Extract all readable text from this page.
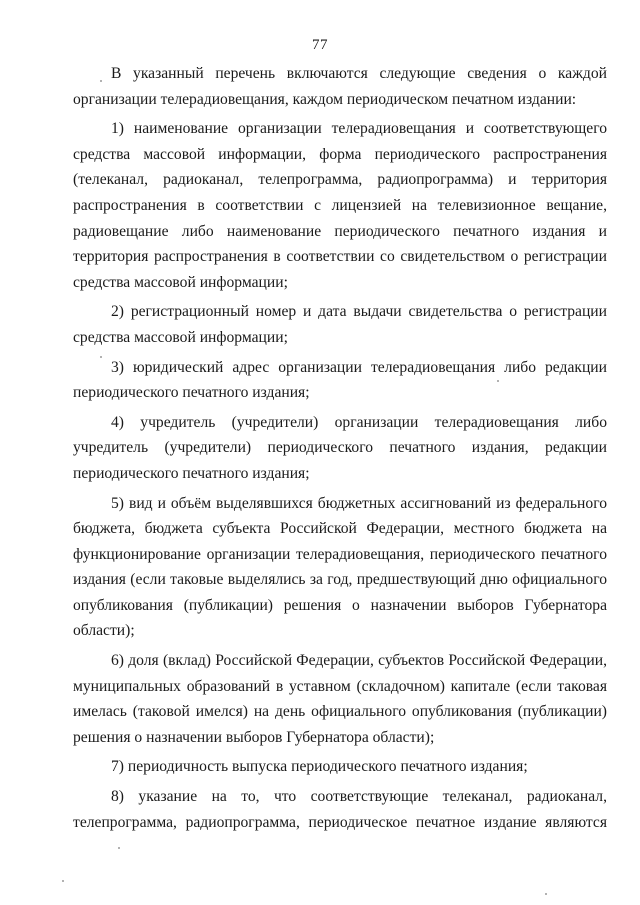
77
В указанный перечень включаются следующие сведения о каждой
организации телерадиовещания, каждом периодическом печатном издании:
1) наименование организации телерадиовещания и соответствующего
средства массовой информации, форма периодического распространения
(телеканал, радиоканал, телепрограмма, радиопрограмма) и территория
распространения в соответствии с лицензией на телевизионное вещание,
радиовещание либо наименование периодического печатного издания и
территория распространения в соответствии со свидетельством о регистрации
средства массовой информации;
2) регистрационный номер и дата выдачи свидетельства о регистрации
средства массовой информации;
3) юридический адрес организации телерадиовещания либо редакции
периодического печатного издания;
4) учредитель (учредители) организации телерадиовещания либо
учредитель (учредители) периодического печатного издания, редакции
периодического печатного издания;
5) вид и объём выделявшихся бюджетных ассигнований из федерального
бюджета, бюджета субъекта Российской Федерации, местного бюджета на
функционирование организации телерадиовещания, периодического печатного
издания (если таковые выделялись за год, предшествующий дню официального
опубликования (публикации) решения о назначении выборов Губернатора
области);
6) доля (вклад) Российской Федерации, субъектов Российской Федерации,
муниципальных образований в уставном (складочном) капитале (если таковая
имелась (таковой имелся) на день официального опубликования (публикации)
решения о назначении выборов Губернатора области);
7) периодичность выпуска периодического печатного издания;
8) указание на то, что соответствующие телеканал, радиоканал,
телепрограмма, радиопрограмма, периодическое печатное издание являются
